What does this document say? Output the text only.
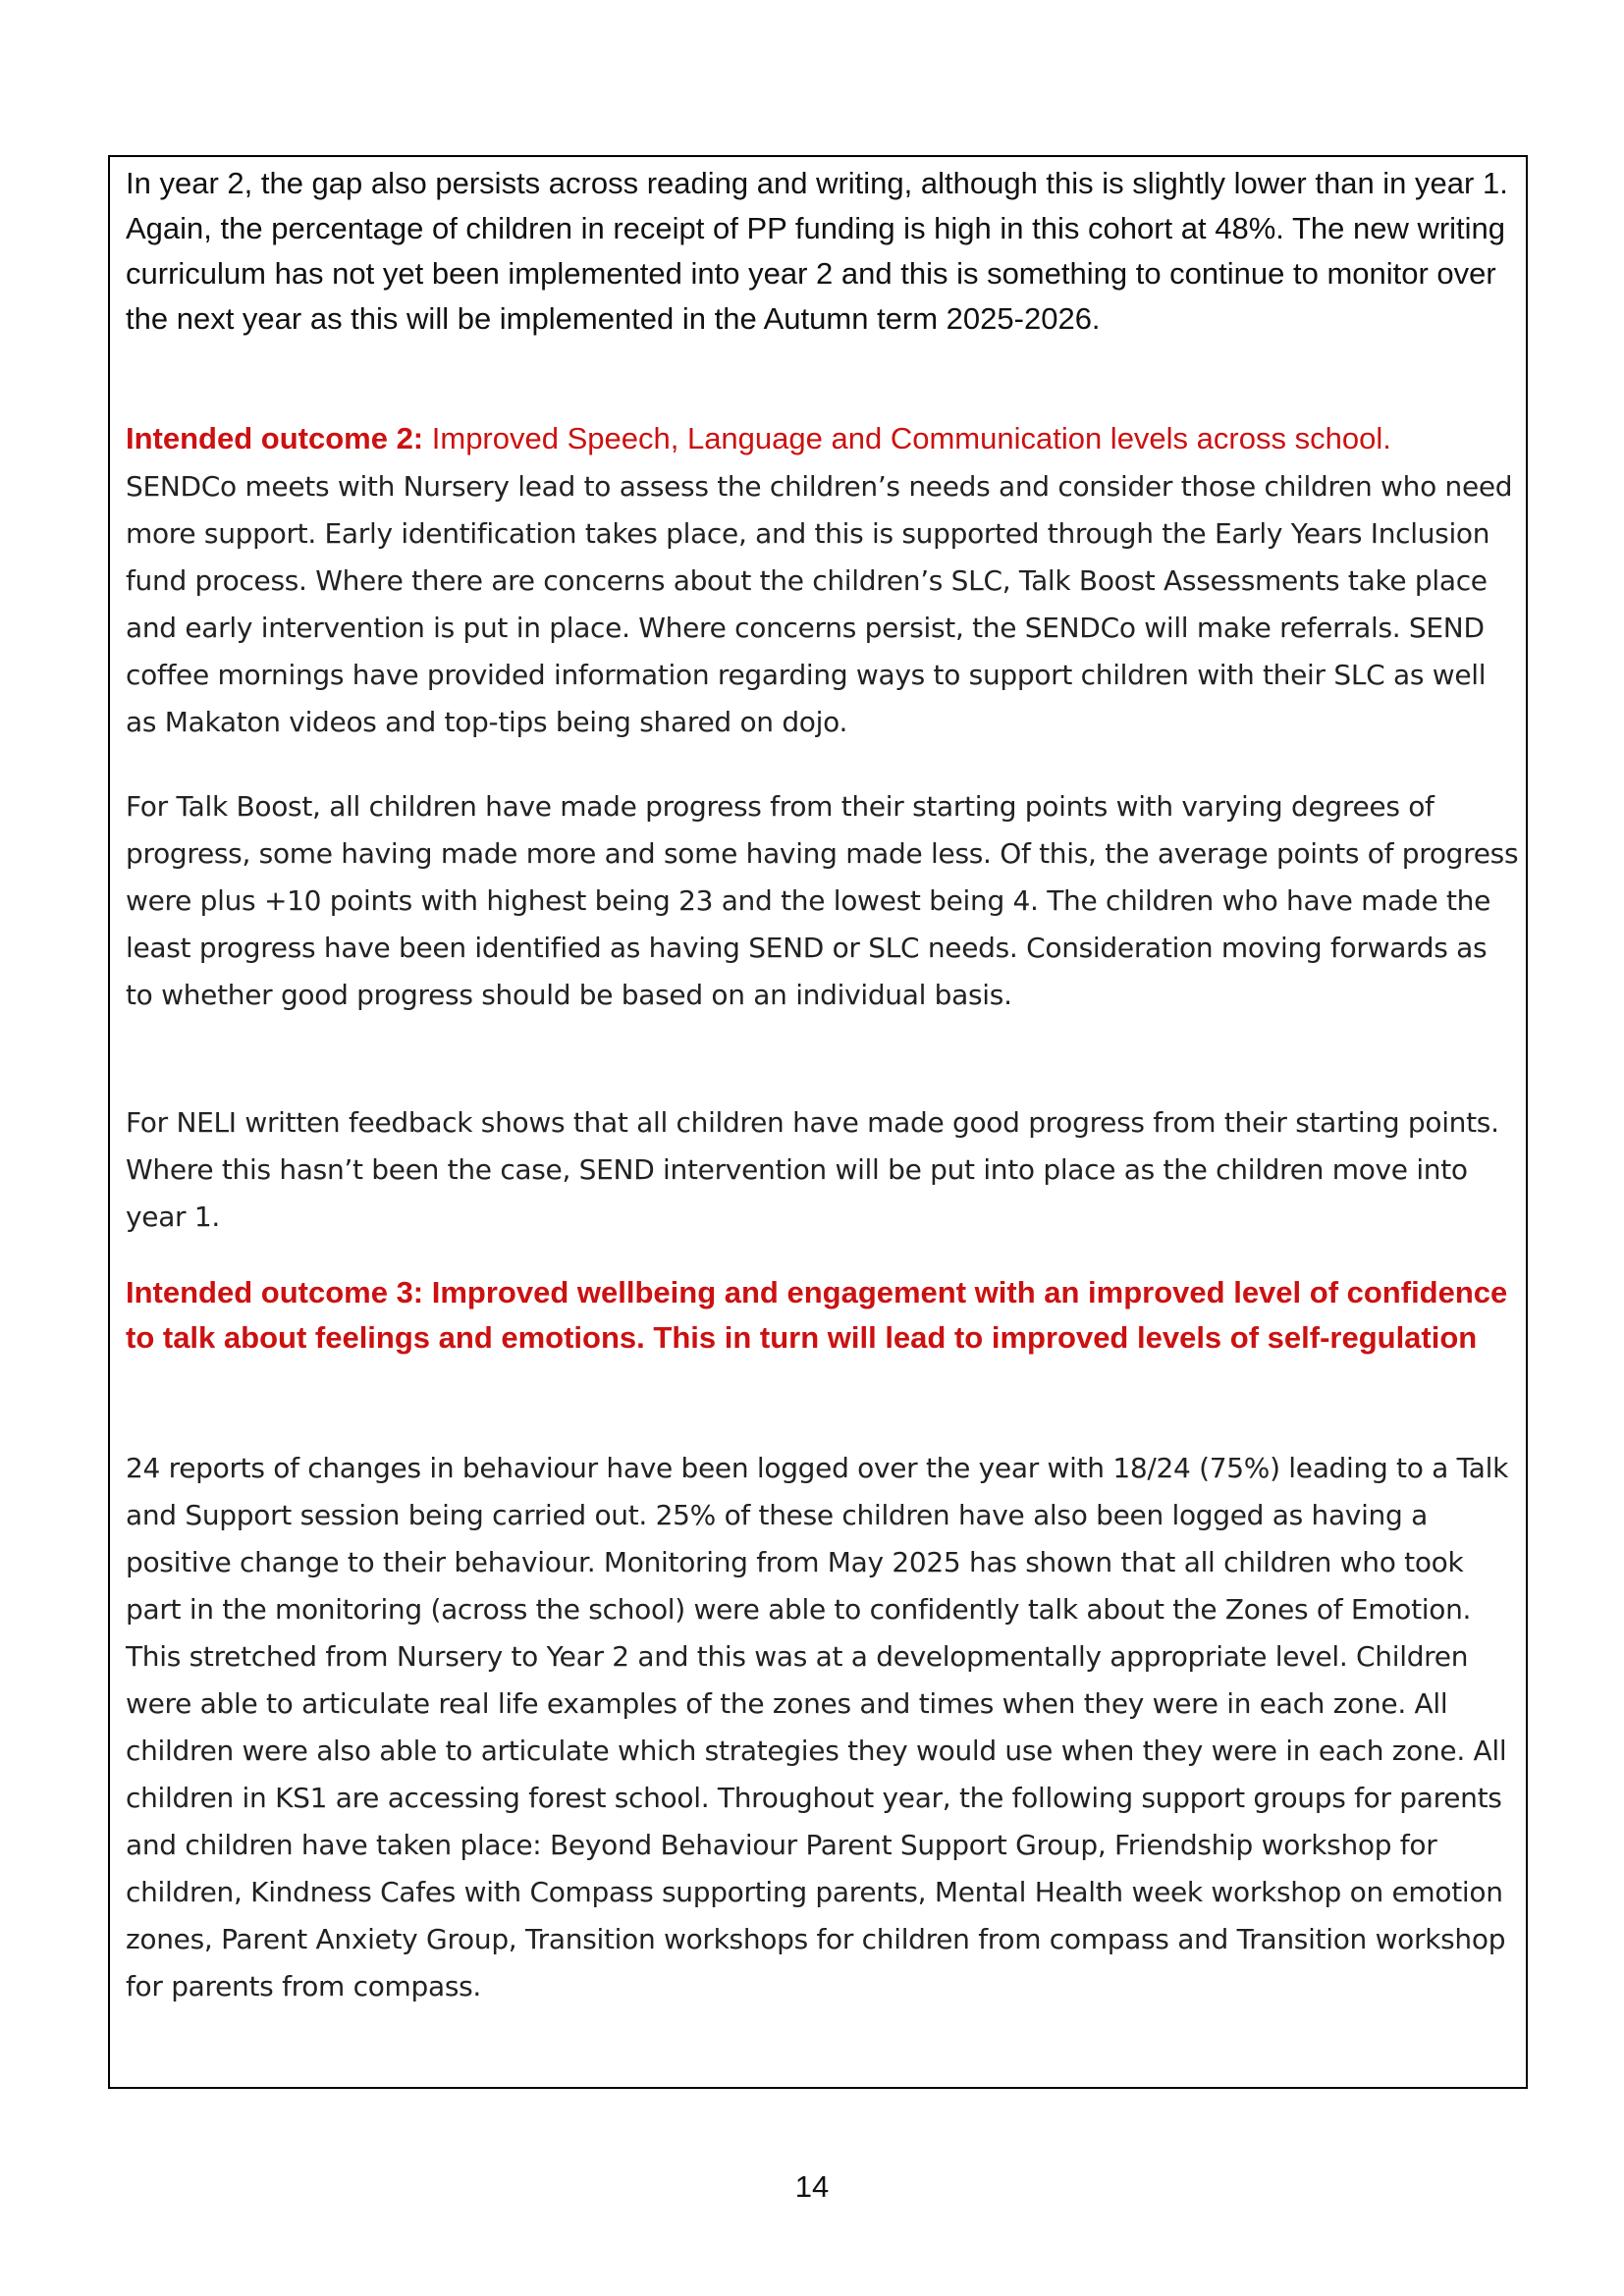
In year 2, the gap also persists across reading and writing, although this is slightly lower than in year 1. Again, the percentage of children in receipt of PP funding is high in this cohort at 48%. The new writing curriculum has not yet been implemented into year 2 and this is something to continue to monitor over the next year as this will be implemented in the Autumn term 2025-2026.

Intended outcome 2: Improved Speech, Language and Communication levels across school.

SENDCo meets with Nursery lead to assess the children’s needs and consider those children who need more support. Early identification takes place, and this is supported through the Early Years Inclusion fund process. Where there are concerns about the children’s SLC, Talk Boost Assessments take place and early intervention is put in place. Where concerns persist, the SENDCo will make referrals. SEND coffee mornings have provided information regarding ways to support children with their SLC as well as Makaton videos and top-tips being shared on dojo.

For Talk Boost, all children have made progress from their starting points with varying degrees of progress, some having made more and some having made less. Of this, the average points of progress were plus +10 points with highest being 23 and the lowest being 4. The children who have made the least progress have been identified as having SEND or SLC needs. Consideration moving forwards as to whether good progress should be based on an individual basis.

For NELI written feedback shows that all children have made good progress from their starting points. Where this hasn’t been the case, SEND intervention will be put into place as the children move into year 1.

Intended outcome 3: Improved wellbeing and engagement with an improved level of confidence to talk about feelings and emotions. This in turn will lead to improved levels of self-regulation

24 reports of changes in behaviour have been logged over the year with 18/24 (75%) leading to a Talk and Support session being carried out. 25% of these children have also been logged as having a positive change to their behaviour. Monitoring from May 2025 has shown that all children who took part in the monitoring (across the school) were able to confidently talk about the Zones of Emotion. This stretched from Nursery to Year 2 and this was at a developmentally appropriate level. Children were able to articulate real life examples of the zones and times when they were in each zone. All children were also able to articulate which strategies they would use when they were in each zone. All children in KS1 are accessing forest school. Throughout year, the following support groups for parents and children have taken place: Beyond Behaviour Parent Support Group, Friendship workshop for children, Kindness Cafes with Compass supporting parents, Mental Health week workshop on emotion zones, Parent Anxiety Group, Transition workshops for children from compass and Transition workshop for parents from compass.

14
